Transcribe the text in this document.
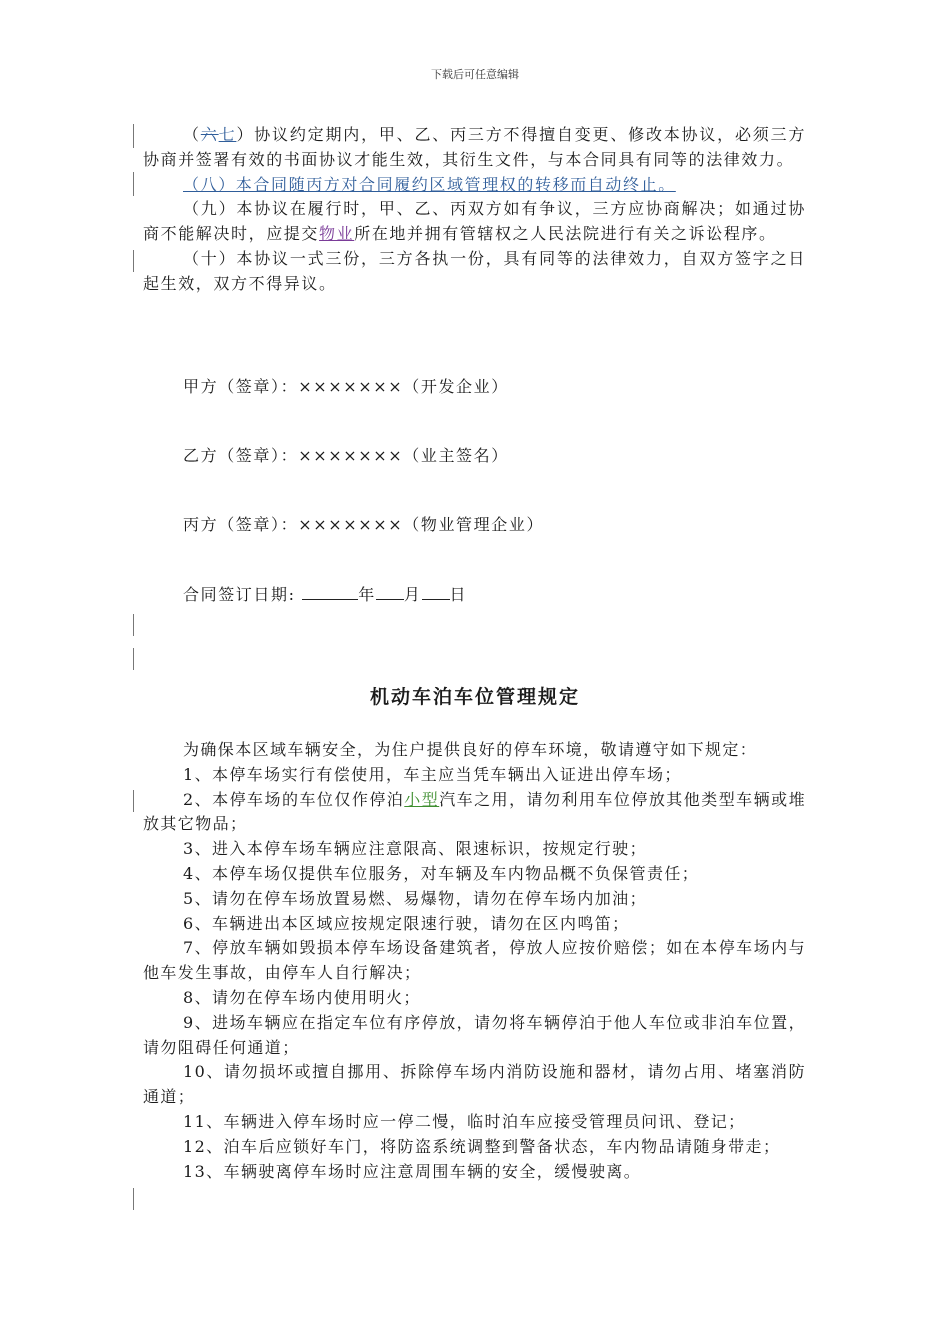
下载后可任意编辑

（六七）协议约定期内，甲、乙、丙三方不得擅自变更、修改本协议，必须三方协商并签署有效的书面协议才能生效，其衍生文件，与本合同具有同等的法律效力。

（八）本合同随丙方对合同履约区域管理权的转移而自动终止。

（九）本协议在履行时，甲、乙、丙双方如有争议，三方应协商解决；如通过协商不能解决时，应提交物业所在地并拥有管辖权之人民法院进行有关之诉讼程序。

（十）本协议一式三份，三方各执一份，具有同等的法律效力，自双方签字之日起生效，双方不得异议。

甲方（签章）：×××××××（开发企业）
乙方（签章）：×××××××（业主签名）
丙方（签章）：×××××××（物业管理企业）
合同签订日期:	年 月 日
机动车泊车位管理规定

为确保本区域车辆安全，为住户提供良好的停车环境，敬请遵守如下规定：

1、本停车场实行有偿使用，车主应当凭车辆出入证进出停车场；

2、本停车场的车位仅作停泊小型汽车之用，请勿利用车位停放其他类型车辆或堆放其它物品；

3、进入本停车场车辆应注意限高、限速标识，按规定行驶；

4、本停车场仅提供车位服务，对车辆及车内物品概不负保管责任；

5、请勿在停车场放置易燃、易爆物，请勿在停车场内加油；

6、车辆进出本区域应按规定限速行驶，请勿在区内鸣笛；

7、停放车辆如毁损本停车场设备建筑者，停放人应按价赔偿；如在本停车场内与他车发生事故，由停车人自行解决；

8、请勿在停车场内使用明火；

9、进场车辆应在指定车位有序停放，请勿将车辆停泊于他人车位或非泊车位置，请勿阻碍任何通道；

10、请勿损坏或擅自挪用、拆除停车场内消防设施和器材，请勿占用、堵塞消防通道；

11、车辆进入停车场时应一停二慢，临时泊车应接受管理员问讯、登记；

12、泊车后应锁好车门，将防盗系统调整到警备状态，车内物品请随身带走；

13、车辆驶离停车场时应注意周围车辆的安全，缓慢驶离。
